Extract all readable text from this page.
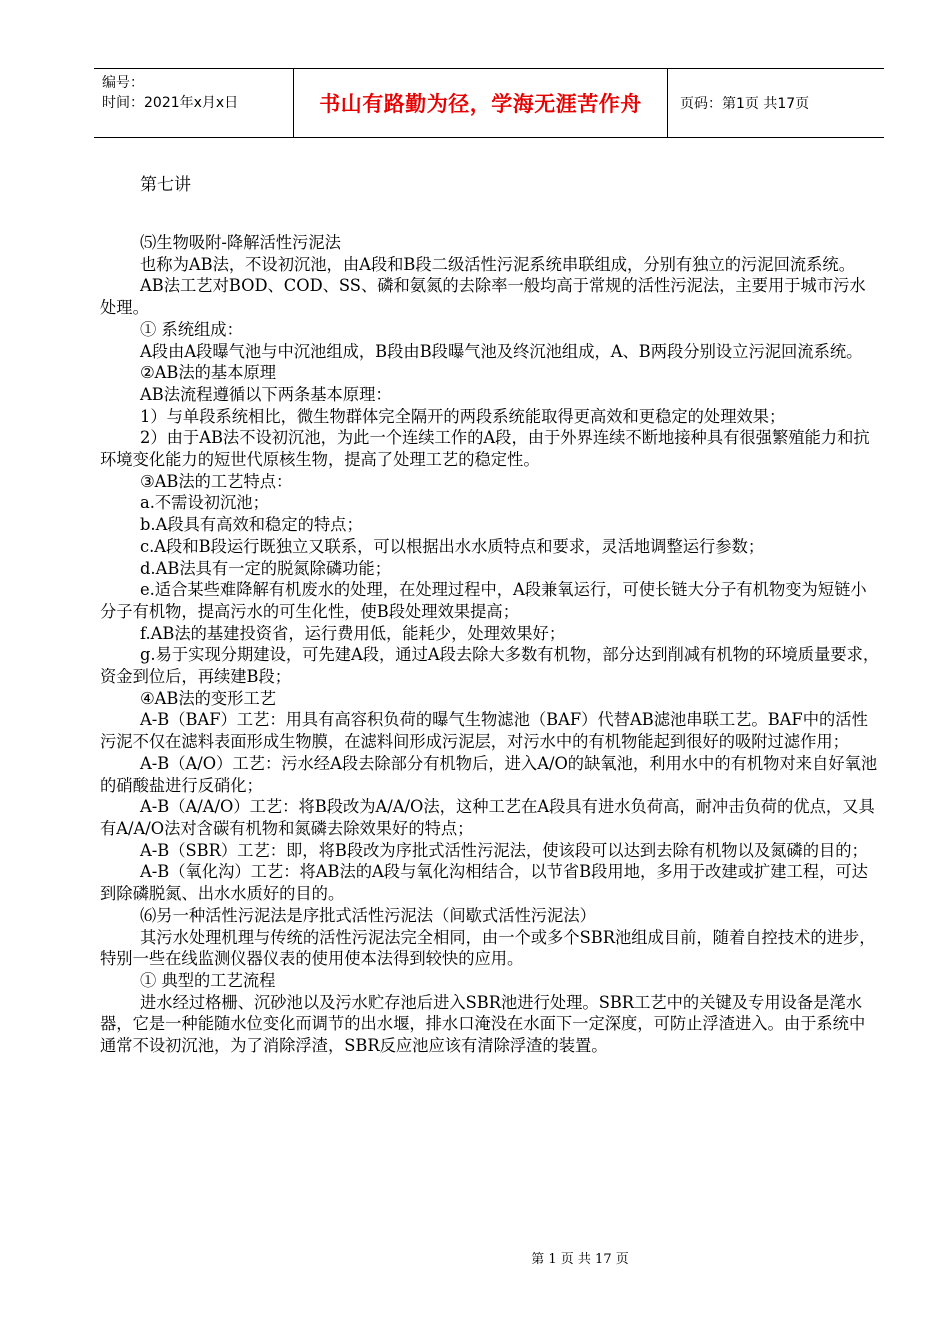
编号：
时间：2021年x月x日	书山有路勤为径，学海无涯苦作舟	页码：第1页 共17页
第七讲

⑸生物吸附-降解活性污泥法

也称为AB法，不设初沉池，由A段和B段二级活性污泥系统串联组成，分别有独立的污泥回流系统。

AB法工艺对BOD、COD、SS、磷和氨氮的去除率一般均高于常规的活性污泥法，主要用于城市污水处理。

① 系统组成：

A段由A段曝气池与中沉池组成，B段由B段曝气池及终沉池组成，A、B两段分别设立污泥回流系统。

②AB法的基本原理

AB法流程遵循以下两条基本原理：

1）与单段系统相比，微生物群体完全隔开的两段系统能取得更高效和更稳定的处理效果；

2）由于AB法不设初沉池，为此一个连续工作的A段，由于外界连续不断地接种具有很强繁殖能力和抗环境变化能力的短世代原核生物，提高了处理工艺的稳定性。

③AB法的工艺特点：

a.不需设初沉池；

b.A段具有高效和稳定的特点；

c.A段和B段运行既独立又联系，可以根据出水水质特点和要求，灵活地调整运行参数；

d.AB法具有一定的脱氮除磷功能；

e.适合某些难降解有机废水的处理，在处理过程中，A段兼氧运行，可使长链大分子有机物变为短链小分子有机物，提高污水的可生化性，使B段处理效果提高；

f.AB法的基建投资省，运行费用低，能耗少，处理效果好；

g.易于实现分期建设，可先建A段，通过A段去除大多数有机物，部分达到削减有机物的环境质量要求，资金到位后，再续建B段；

④AB法的变形工艺

A-B（BAF）工艺：用具有高容积负荷的曝气生物滤池（BAF）代替AB滤池串联工艺。BAF中的活性污泥不仅在滤料表面形成生物膜，在滤料间形成污泥层，对污水中的有机物能起到很好的吸附过滤作用；

A-B（A/O）工艺：污水经A段去除部分有机物后，进入A/O的缺氧池，利用水中的有机物对来自好氧池的硝酸盐进行反硝化；

A-B（A/A/O）工艺：将B段改为A/A/O法，这种工艺在A段具有进水负荷高，耐冲击负荷的优点，又具有A/A/O法对含碳有机物和氮磷去除效果好的特点；

A-B（SBR）工艺：即，将B段改为序批式活性污泥法，使该段可以达到去除有机物以及氮磷的目的；

A-B（氧化沟）工艺：将AB法的A段与氧化沟相结合，以节省B段用地，多用于改建或扩建工程，可达到除磷脱氮、出水水质好的目的。

⑹另一种活性污泥法是序批式活性污泥法（间歇式活性污泥法）

其污水处理机理与传统的活性污泥法完全相同，由一个或多个SBR池组成目前，随着自控技术的进步，特别一些在线监测仪器仪表的使用使本法得到较快的应用。

① 典型的工艺流程

进水经过格栅、沉砂池以及污水贮存池后进入SBR池进行处理。SBR工艺中的关键及专用设备是滗水器，它是一种能随水位变化而调节的出水堰，排水口淹没在水面下一定深度，可防止浮渣进入。由于系统中通常不设初沉池，为了消除浮渣，SBR反应池应该有清除浮渣的装置。

第 1 页 共 17 页
